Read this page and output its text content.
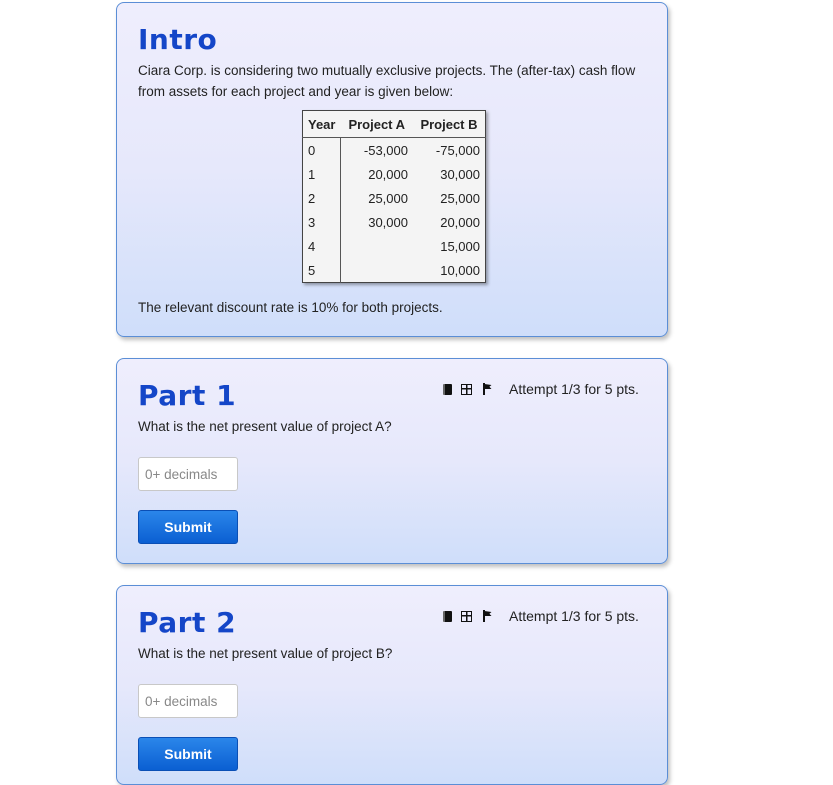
Intro
Ciara Corp. is considering two mutually exclusive projects. The (after-tax) cash flow from assets for each project and year is given below:
Year	Project A	Project B
0	-53,000	-75,000
1	20,000	30,000
2	25,000	25,000
3	30,000	20,000
4		15,000
5		10,000
The relevant discount rate is 10% for both projects.
Part 1	Attempt 1/3 for 5 pts.
What is the net present value of project A?
0+ decimals
Submit
Part 2	Attempt 1/3 for 5 pts.
What is the net present value of project B?
0+ decimals
Submit
